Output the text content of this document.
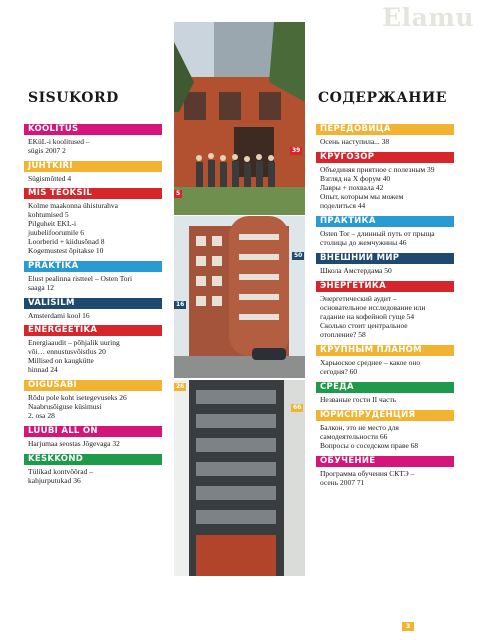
Elamu
SISUKORD	СОДЕРЖАНИЕ
39
5
50
16
26
66
KOOLITUS
EKüL-i koolitused –
sügis 2007 2
JUHTKIRI
Sügismõtted 4
MIS TEOKSIL
Kolme maakonna ühisturahva
kohtumised 5
Pilguheit EKL-i
juubelifoorumile 6
Loorberid + kiidusõnad 8
Kogemustest õpitakse 10
PRAKTIKA
Elust pealinna ristteel – Osten Tori
saaga 12
VÄLISILM
Amsterdami kool 16
ENERGEETIKA
Energiaaudit – põhjalik uuring
või… ennustusvõistlus 20
Millised on kaugkütte
hinnad 24
ÕIGUSABI
Rõdu pole koht isetegevuseks 26
Naabrusõiguse küsimusi
2. osa 28
LUUBI ALL ON
Harjumaa seostas Jõgevaga 32
KESKKOND
Tülikad kontvõõrad –
kahjurputukad 36
ПЕРЕДОВИЦА
Осень наступила... 38
КРУГОЗОР
Объединяя приятное с полезным 39
Взгляд на Х форум 40
Лавры + похвала 42
Опыт, которым мы можем
поделиться 44
ПРАКТИКА
Osten Tor – длинный путь от прыща
столицы до жемчужины 46
ВНЕШНИЙ МИР
Школа Амстердама 50
ЭНЕРГЕТИКА
Энергетический аудит –
основательное исследование или
гадание на кофейной гуще 54
Сколько стоит центральное
отопление? 58
КРУПНЫМ ПЛАНОМ
Харьюское среднее – какое оно
сегодня? 60
СРЕДА
Незваные гости II часть
ЮРИСПРУДЕНЦИЯ
Балкон, это не место для
самодеятельности 66
Вопросы о соседском праве 68
ОБУЧЕНИЕ
Программа обучения СКТЭ –
осень 2007 71
3
